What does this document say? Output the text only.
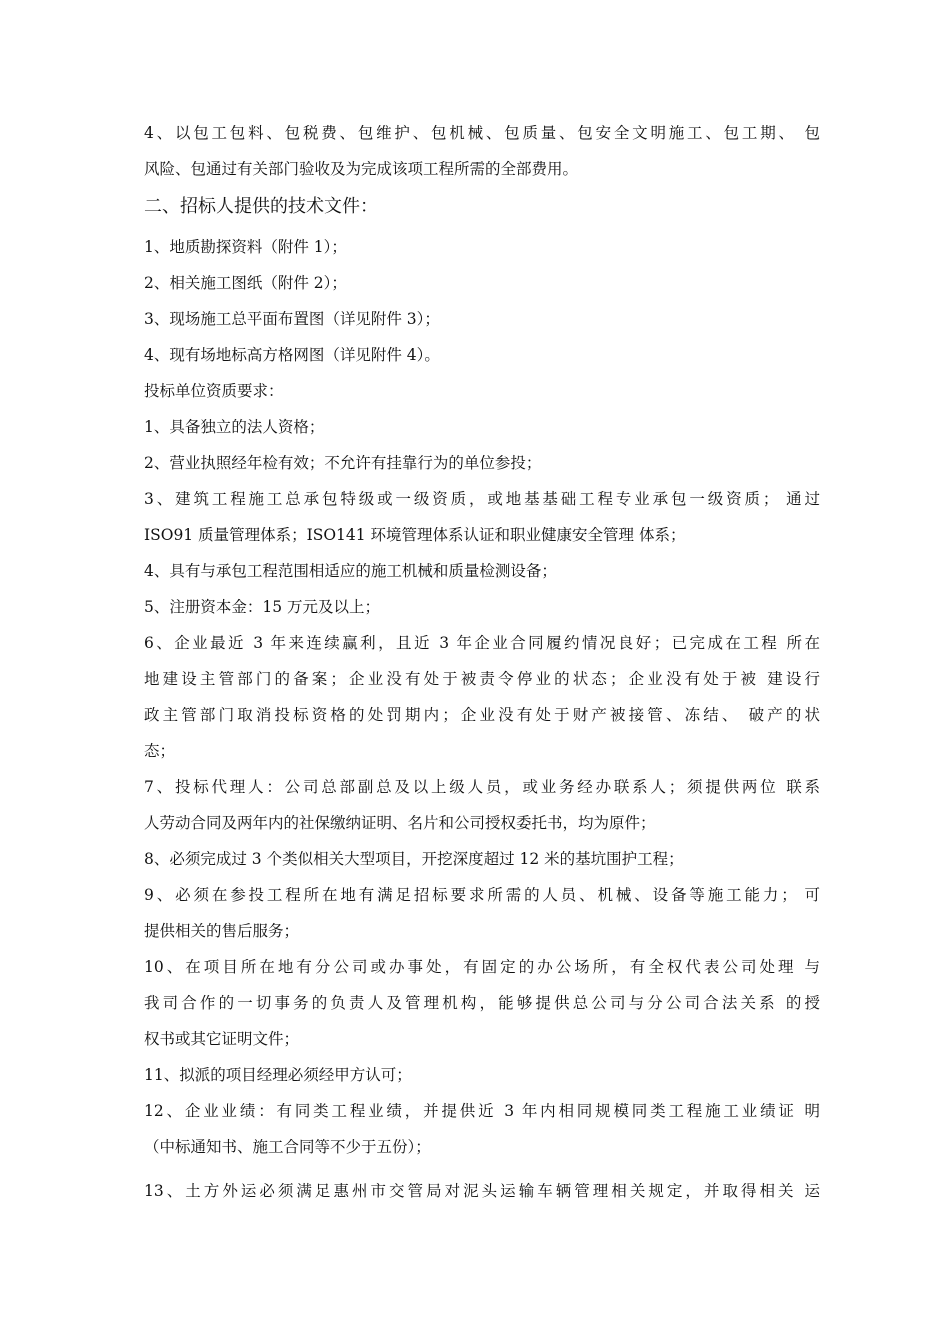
4、以包工包料、包税费、包维护、包机械、包质量、包安全文明施工、包工期、 包
风险、包通过有关部门验收及为完成该项工程所需的全部费用。
二、招标人提供的技术文件：
1、地质勘探资料（附件 1）；
2、相关施工图纸（附件 2）；
3、现场施工总平面布置图（详见附件 3）；
4、现有场地标高方格网图（详见附件 4）。
投标单位资质要求：
1、具备独立的法人资格；
2、营业执照经年检有效；不允许有挂靠行为的单位参投；
3、建筑工程施工总承包特级或一级资质，或地基基础工程专业承包一级资质； 通过
ISO91 质量管理体系；ISO141 环境管理体系认证和职业健康安全管理 体系；
4、具有与承包工程范围相适应的施工机械和质量检测设备；
5、注册资本金：15 万元及以上；
6、企业最近 3 年来连续赢利，且近 3 年企业合同履约情况良好；已完成在工程 所在
地建设主管部门的备案；企业没有处于被责令停业的状态；企业没有处于被 建设行
政主管部门取消投标资格的处罚期内；企业没有处于财产被接管、冻结、 破产的状
态；
7、投标代理人：公司总部副总及以上级人员，或业务经办联系人；须提供两位 联系
人劳动合同及两年内的社保缴纳证明、名片和公司授权委托书，均为原件；
8、必须完成过 3 个类似相关大型项目，开挖深度超过 12 米的基坑围护工程；
9、必须在参投工程所在地有满足招标要求所需的人员、机械、设备等施工能力； 可
提供相关的售后服务；
10、在项目所在地有分公司或办事处，有固定的办公场所，有全权代表公司处理 与
我司合作的一切事务的负责人及管理机构，能够提供总公司与分公司合法关系 的授
权书或其它证明文件；
11、拟派的项目经理必须经甲方认可；
12、企业业绩：有同类工程业绩，并提供近 3 年内相同规模同类工程施工业绩证 明
（中标通知书、施工合同等不少于五份）；
13、土方外运必须满足惠州市交管局对泥头运输车辆管理相关规定，并取得相关 运
